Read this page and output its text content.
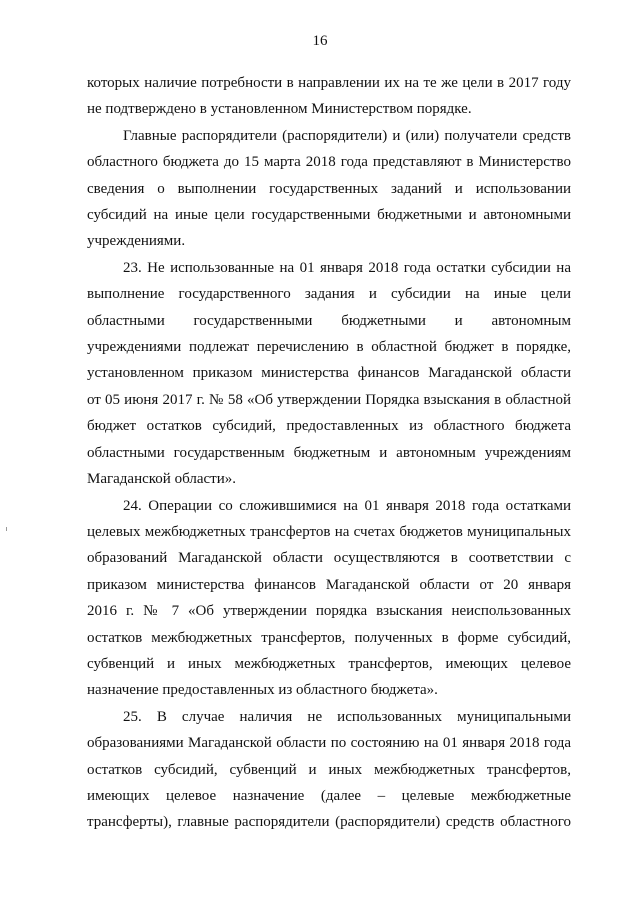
16

которых наличие потребности в направлении их на те же цели в 2017 году
не подтверждено в установленном Министерством порядке.

Главные распорядители (распорядители) и (или) получатели средств
областного бюджета до 15 марта 2018 года представляют в Министерство
сведения о выполнении государственных заданий и использовании
субсидий на иные цели государственными бюджетными и автономными
учреждениями.

23. Не использованные на 01 января 2018 года остатки субсидии на
выполнение государственного задания и субсидии на иные цели
областными государственными бюджетными и автономным
учреждениями подлежат перечислению в областной бюджет в порядке,
установленном приказом министерства финансов Магаданской области
от 05 июня 2017 г. № 58 «Об утверждении Порядка взыскания в областной
бюджет остатков субсидий, предоставленных из областного бюджета
областными государственным бюджетным и автономным учреждениям
Магаданской области».

24. Операции со сложившимися на 01 января 2018 года остатками
целевых межбюджетных трансфертов на счетах бюджетов муниципальных
образований Магаданской области осуществляются в соответствии с
приказом министерства финансов Магаданской области от 20 января
2016 г. № 7 «Об утверждении порядка взыскания неиспользованных
остатков межбюджетных трансфертов, полученных в форме субсидий,
субвенций и иных межбюджетных трансфертов, имеющих целевое
назначение предоставленных из областного бюджета».

25. В случае наличия не использованных муниципальными
образованиями Магаданской области по состоянию на 01 января 2018 года
остатков субсидий, субвенций и иных межбюджетных трансфертов,
имеющих целевое назначение (далее – целевые межбюджетные
трансферты), главные распорядители (распорядители) средств областного
